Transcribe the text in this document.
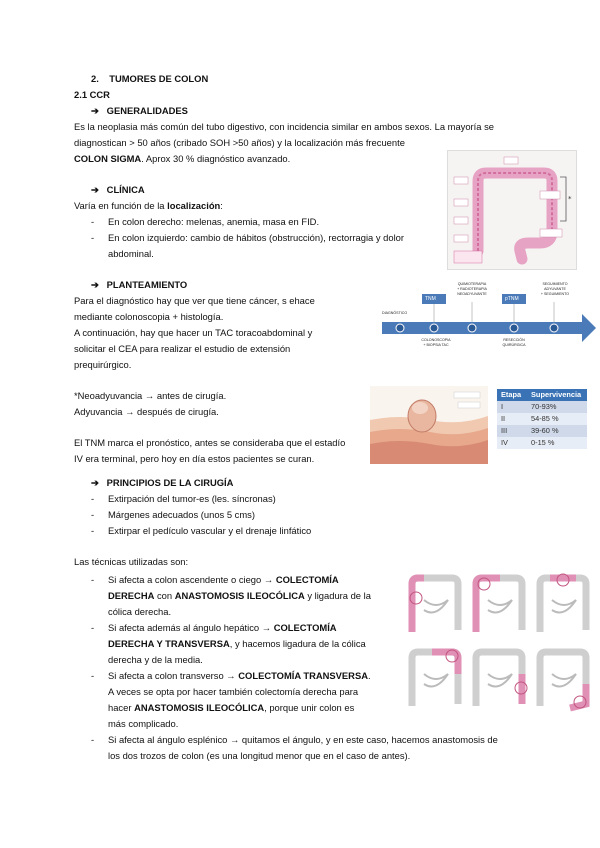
2. TUMORES DE COLON
2.1 CCR
➔   GENERALIDADES
Es la neoplasia más común del tubo digestivo, con incidencia similar en ambos sexos. La mayoría se
diagnostican > 50 años (cribado SOH >50 años) y la localización más frecuente
COLON SIGMA. Aprox 30 % diagnóstico avanzado.
➔   CLÍNICA
Varía en función de la localización:
- En colon derecho: melenas, anemia, masa en FID.
- En colon izquierdo: cambio de hábitos (obstrucción), rectorragia y dolor
abdominal.
*
➔   PLANTEAMIENTO
Para el diagnóstico hay que ver que tiene cáncer, s ehace
mediante colonoscopia + histología.
A continuación, hay que hacer un TAC toracoabdominal y
solicitar el CEA para realizar el estudio de extensión
prequirúrgico.
TNM	pTNM
QUIMIOTERAPIA
+ RADIOTERAPIA
NEOADYUVANTE
SEGUIMIENTO
ADYUVANTE
+ SEGUIMIENTO
DIAGNÓSTICO
COLONOSCOPIA
+ BIOPSIA TAC
RESECCIÓN
QUIRÚRGICA
*Neoadyuvancia → antes de cirugía.
Adyuvancia → después de cirugía.
El TNM marca el pronóstico, antes se consideraba que el estadío
IV era terminal, pero hoy en día estos pacientes se curan.
Etapa	Supervivencia
I	70-93%
II	54-85 %
III	39-60 %
IV	0-15 %
➔   PRINCIPIOS DE LA CIRUGÍA
- Extirpación del tumor-es (les. síncronas)
- Márgenes adecuados (unos 5 cms)
- Extirpar el pedículo vascular y el drenaje linfático
Las técnicas utilizadas son:
- Si afecta a colon ascendente o ciego → COLECTOMÍA
DERECHA con ANASTOMOSIS ILEOCÓLICA y ligadura de la
cólica derecha.
- Si afecta además al ángulo hepático → COLECTOMÍA
DERECHA Y TRANSVERSA, y hacemos ligadura de la cólica
derecha y de la media.
- Si afecta a colon transverso → COLECTOMÍA TRANSVERSA.
A veces se opta por hacer también colectomía derecha para
hacer ANASTOMOSIS ILEOCÓLICA, porque unir colon es
más complicado.
- Si afecta al ángulo esplénico → quitamos el ángulo, y en este caso, hacemos anastomosis de
los dos trozos de colon (es una longitud menor que en el caso de antes).
